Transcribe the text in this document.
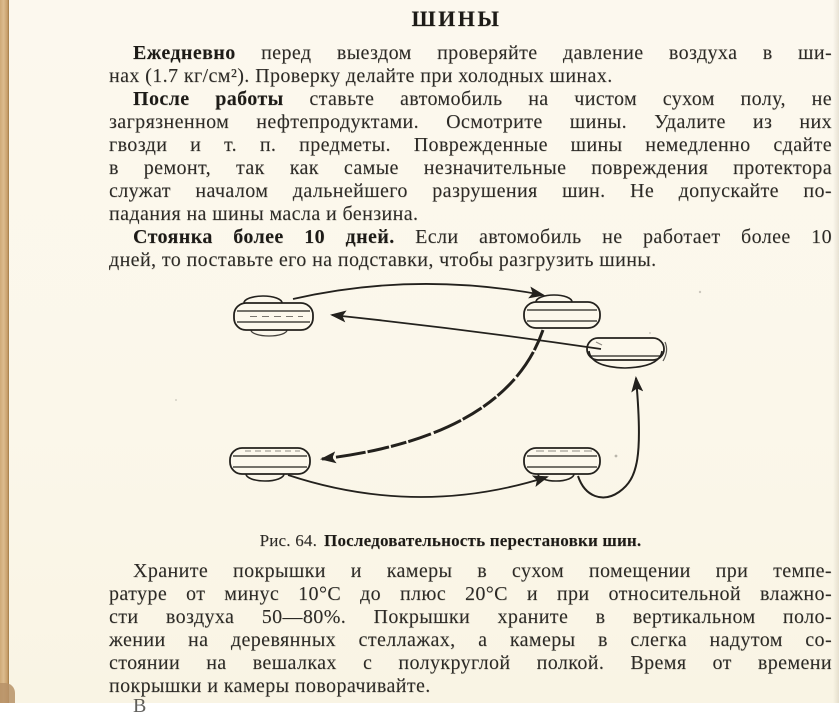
ШИНЫ
Ежедневно перед выездом проверяйте давление воздуха в ши-
нах (1.7 кг/см²). Проверку делайте при холодных шинах.
После работы ставьте автомобиль на чистом сухом полу, не
загрязненном нефтепродуктами. Осмотрите шины. Удалите из них
гвозди и т. п. предметы. Поврежденные шины немедленно сдайте
в ремонт, так как самые незначительные повреждения протектора
служат началом дальнейшего разрушения шин. Не допускайте по-
падания на шины масла и бензина.
Стоянка более 10 дней. Если автомобиль не работает более 10
дней, то поставьте его на подставки, чтобы разгрузить шины.
Рис. 64. Последовательность перестановки шин.
Храните покрышки и камеры в сухом помещении при темпе-
ратуре от минус 10°С до плюс 20°С и при относительной влажно-
сти воздуха 50—80%. Покрышки храните в вертикальном поло-
жении на деревянных стеллажах, а камеры в слегка надутом со-
стоянии на вешалках с полукруглой полкой. Время от времени
покрышки и камеры поворачивайте.
В
